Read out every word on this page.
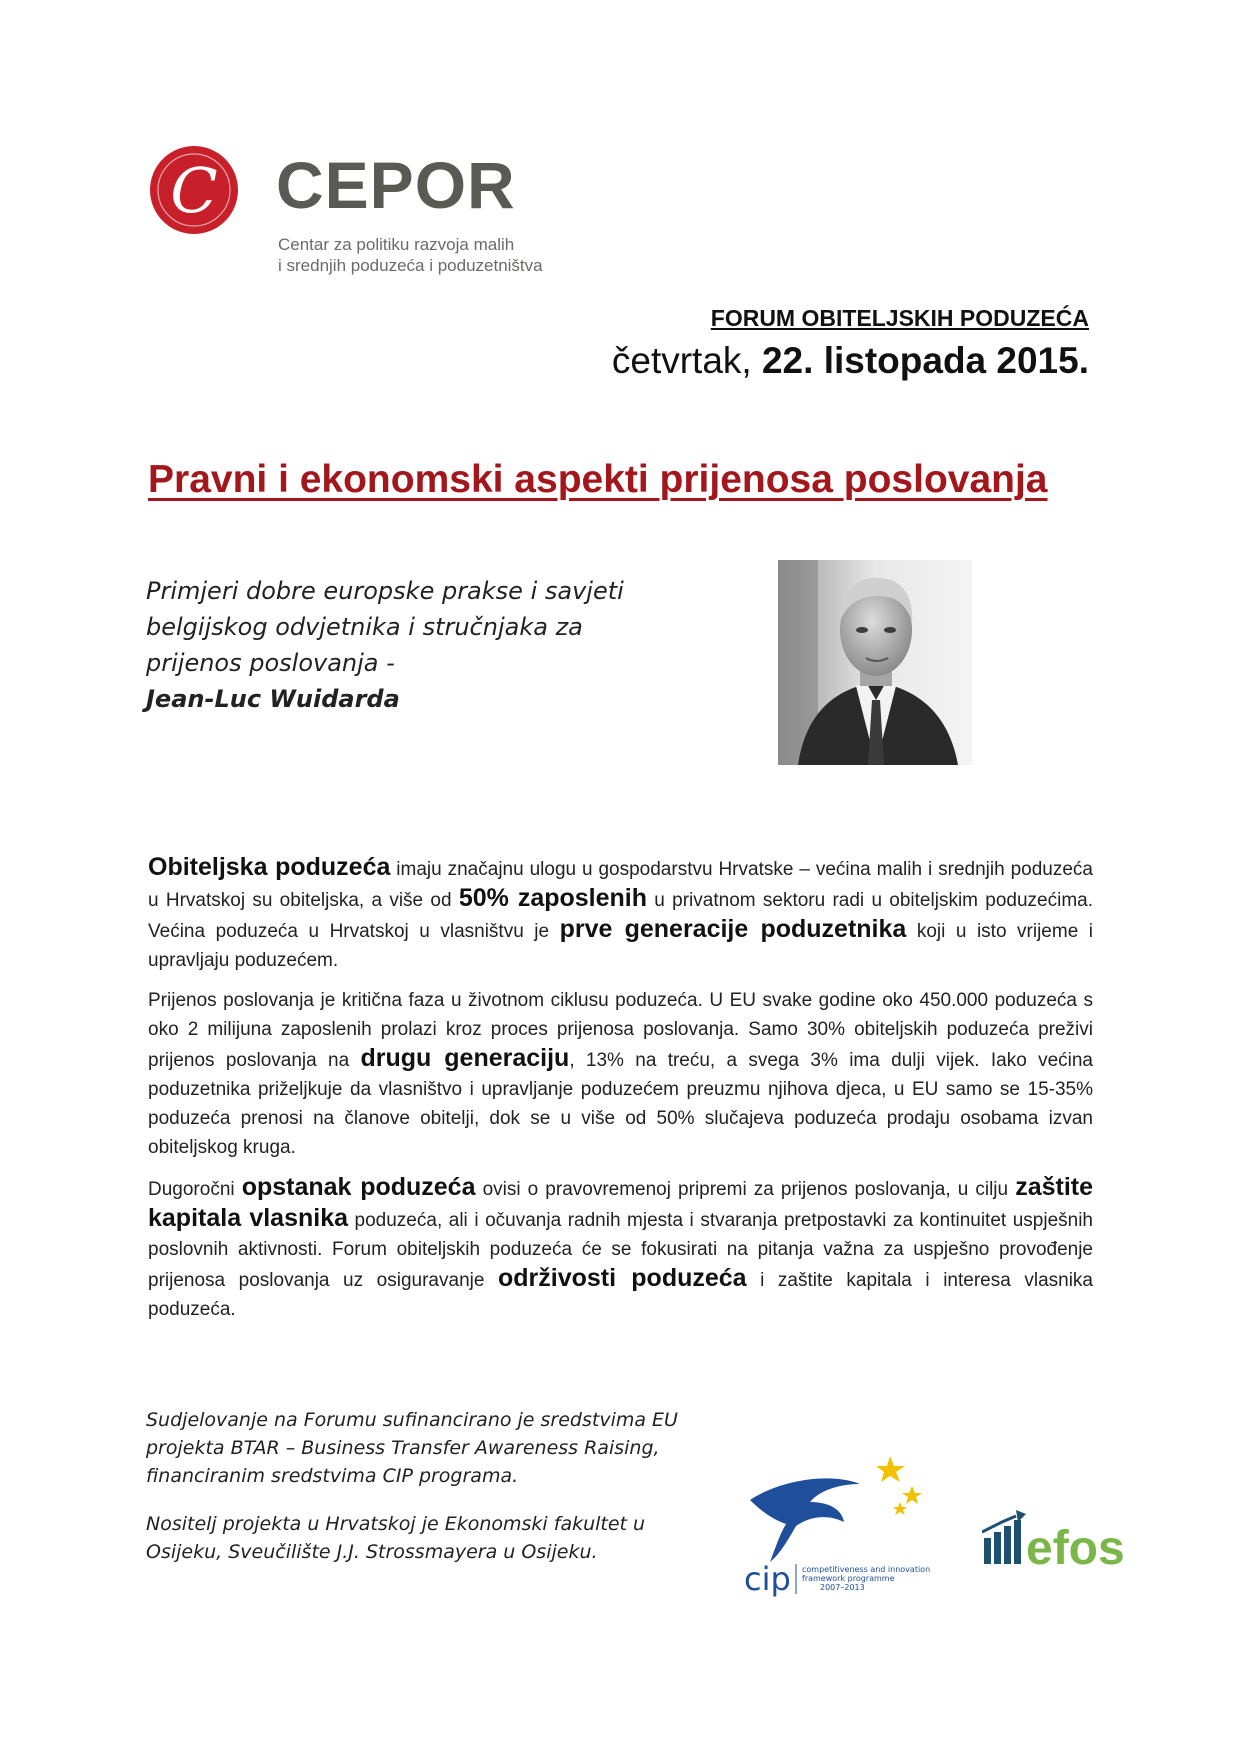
C CEPOR
Centar za politiku razvoja malih
i srednjih poduzeća i poduzetništva
FORUM OBITELJSKIH PODUZEĆA
četvrtak, 22. listopada 2015.
Pravni i ekonomski aspekti prijenosa poslovanja
Primjeri dobre europske prakse i savjeti belgijskog odvjetnika i stručnjaka za prijenos poslovanja -
Jean-Luc Wuidarda

Obiteljska poduzeća imaju značajnu ulogu u gospodarstvu Hrvatske – većina malih i srednjih poduzeća u Hrvatskoj su obiteljska, a više od 50% zaposlenih u privatnom sektoru radi u obiteljskim poduzećima. Većina poduzeća u Hrvatskoj u vlasništvu je prve generacije poduzetnika koji u isto vrijeme i upravljaju poduzećem.

Prijenos poslovanja je kritična faza u životnom ciklusu poduzeća. U EU svake godine oko 450.000 poduzeća s oko 2 milijuna zaposlenih prolazi kroz proces prijenosa poslovanja. Samo 30% obiteljskih poduzeća preživi prijenos poslovanja na drugu generaciju, 13% na treću, a svega 3% ima dulji vijek. Iako većina poduzetnika priželjkuje da vlasništvo i upravljanje poduzećem preuzmu njihova djeca, u EU samo se 15-35% poduzeća prenosi na članove obitelji, dok se u više od 50% slučajeva poduzeća prodaju osobama izvan obiteljskog kruga.

Dugoročni opstanak poduzeća ovisi o pravovremenoj pripremi za prijenos poslovanja, u cilju zaštite kapitala vlasnika poduzeća, ali i očuvanja radnih mjesta i stvaranja pretpostavki za kontinuitet uspješnih poslovnih aktivnosti. Forum obiteljskih poduzeća će se fokusirati na pitanja važna za uspješno provođenje prijenosa poslovanja uz osiguravanje održivosti poduzeća i zaštite kapitala i interesa vlasnika poduzeća.

Sudjelovanje na Forumu sufinancirano je sredstvima EU projekta BTAR – Business Transfer Awareness Raising, financiranim sredstvima CIP programa.

Nositelj projekta u Hrvatskoj je Ekonomski fakultet u Osijeku, Sveučilište J.J. Strossmayera u Osijeku.

cip competitiveness and innovation
framework programme
2007–2013
efos
